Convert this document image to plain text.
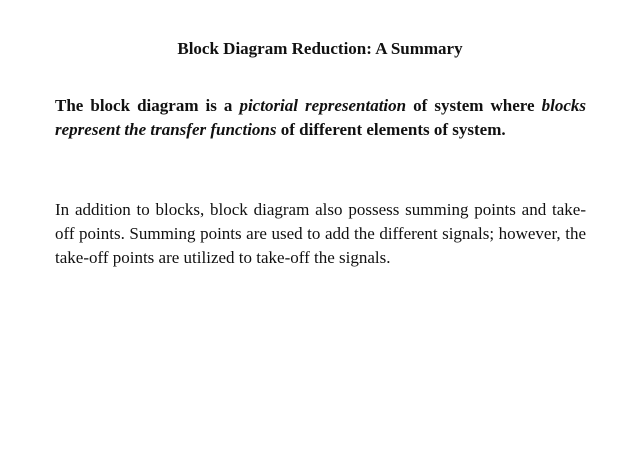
Block Diagram Reduction: A Summary

The block diagram is a pictorial representation of system where blocks represent the transfer functions of different elements of system.

In addition to blocks, block diagram also possess summing points and take-off points. Summing points are used to add the different signals; however, the take-off points are utilized to take-off the signals.
